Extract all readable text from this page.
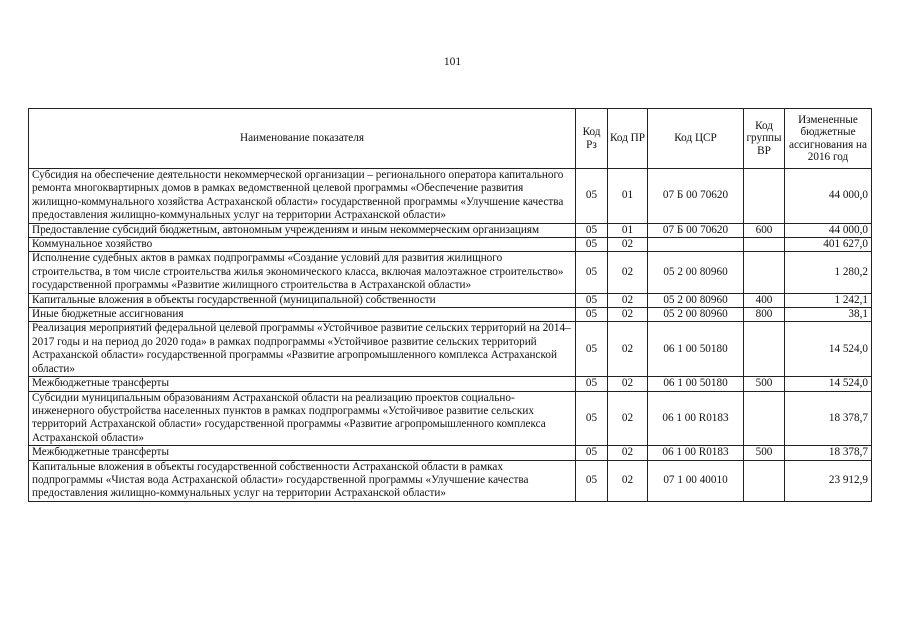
101
Наименование показателя	Код Рз	Код ПР	Код ЦСР	Код группы ВР	Измененные бюджетные ассигнования на 2016 год
Субсидия на обеспечение деятельности некоммерческой организации – регионального оператора капитального ремонта многоквартирных домов в рамках ведомственной целевой программы «Обеспечение развития жилищно-коммунального хозяйства Астраханской области» государственной программы «Улучшение качества предоставления жилищно-коммунальных услуг на территории Астраханской области»	05	01	07 Б 00 70620		44 000,0
Предоставление субсидий бюджетным, автономным учреждениям и иным некоммерческим организациям	05	01	07 Б 00 70620	600	44 000,0
Коммунальное хозяйство	05	02			401 627,0
Исполнение судебных актов в рамках подпрограммы «Создание условий для развития жилищного строительства, в том числе строительства жилья экономического класса, включая малоэтажное строительство» государственной программы «Развитие жилищного строительства в Астраханской области»	05	02	05 2 00 80960		1 280,2
Капитальные вложения в объекты государственной (муниципальной) собственности	05	02	05 2 00 80960	400	1 242,1
Иные бюджетные ассигнования	05	02	05 2 00 80960	800	38,1
Реализация мероприятий федеральной целевой программы «Устойчивое развитие сельских территорий на 2014–2017 годы и на период до 2020 года» в рамках подпрограммы «Устойчивое развитие сельских территорий Астраханской области» государственной программы «Развитие агропромышленного комплекса Астраханской области»	05	02	06 1 00 50180		14 524,0
Межбюджетные трансферты	05	02	06 1 00 50180	500	14 524,0
Субсидии муниципальным образованиям Астраханской области на реализацию проектов социально-инженерного обустройства населенных пунктов в рамках подпрограммы «Устойчивое развитие сельских территорий Астраханской области» государственной программы «Развитие агропромышленного комплекса Астраханской области»	05	02	06 1 00 R0183		18 378,7
Межбюджетные трансферты	05	02	06 1 00 R0183	500	18 378,7
Капитальные вложения в объекты государственной собственности Астраханской области в рамках подпрограммы «Чистая вода Астраханской области» государственной программы «Улучшение качества предоставления жилищно-коммунальных услуг на территории Астраханской области»	05	02	07 1 00 40010		23 912,9
